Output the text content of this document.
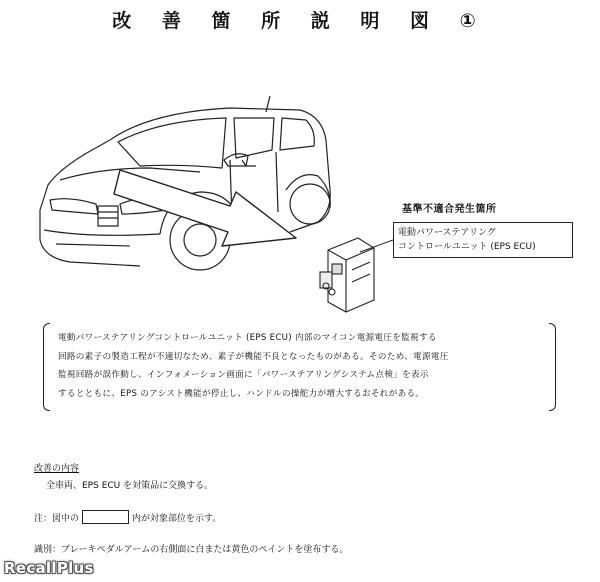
改 善 箇 所 説 明 図 ①
基準不適合発生箇所
電動パワーステアリング
コントロールユニット (EPS ECU)
電動パワーステアリングコントロールユニット (EPS ECU) 内部のマイコン電源電圧を監視する
回路の素子の製造工程が不適切なため、素子が機能不良となったものがある。そのため、電源電圧
監視回路が誤作動し、インフォメーション画面に「パワーステアリングシステム点検」を表示
するとともに、EPS のアシスト機能が停止し、ハンドルの操舵力が増大するおそれがある。
改善の内容
全車両、EPS ECU を対策品に交換する。
注：図中の	内が対象部位を示す。
識別：ブレーキペダルアームの右側面に白または黄色のペイントを塗布する。
RecallPlus
